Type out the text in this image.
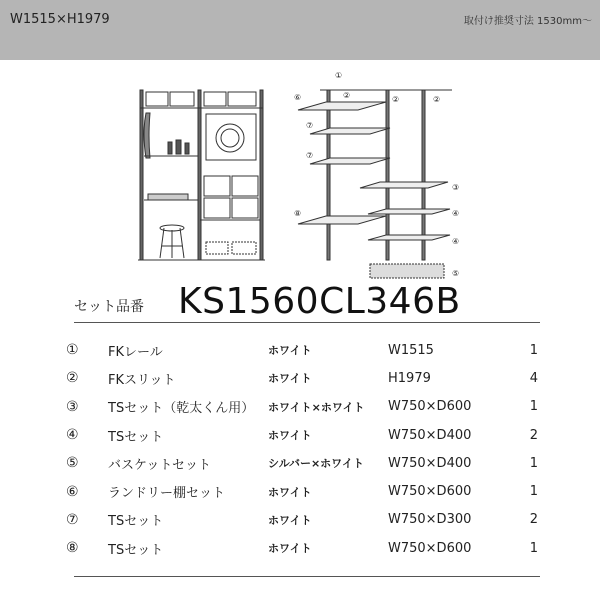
W1515×H1979	取付け推奨寸法 1530mm～
①
②
⑥	②	②
⑦
⑦
③
⑧	④
④
⑤
セット品番 KS1560CL346B
①	FKレール	ホワイト	W1515	1
②	FKスリット	ホワイト	H1979	4
③	TSセット（乾太くん用）	ホワイト×ホワイト	W750×D600	1
④	TSセット	ホワイト	W750×D400	2
⑤	バスケットセット	シルバー×ホワイト	W750×D400	1
⑥	ランドリー棚セット	ホワイト	W750×D600	1
⑦	TSセット	ホワイト	W750×D300	2
⑧	TSセット	ホワイト	W750×D600	1
